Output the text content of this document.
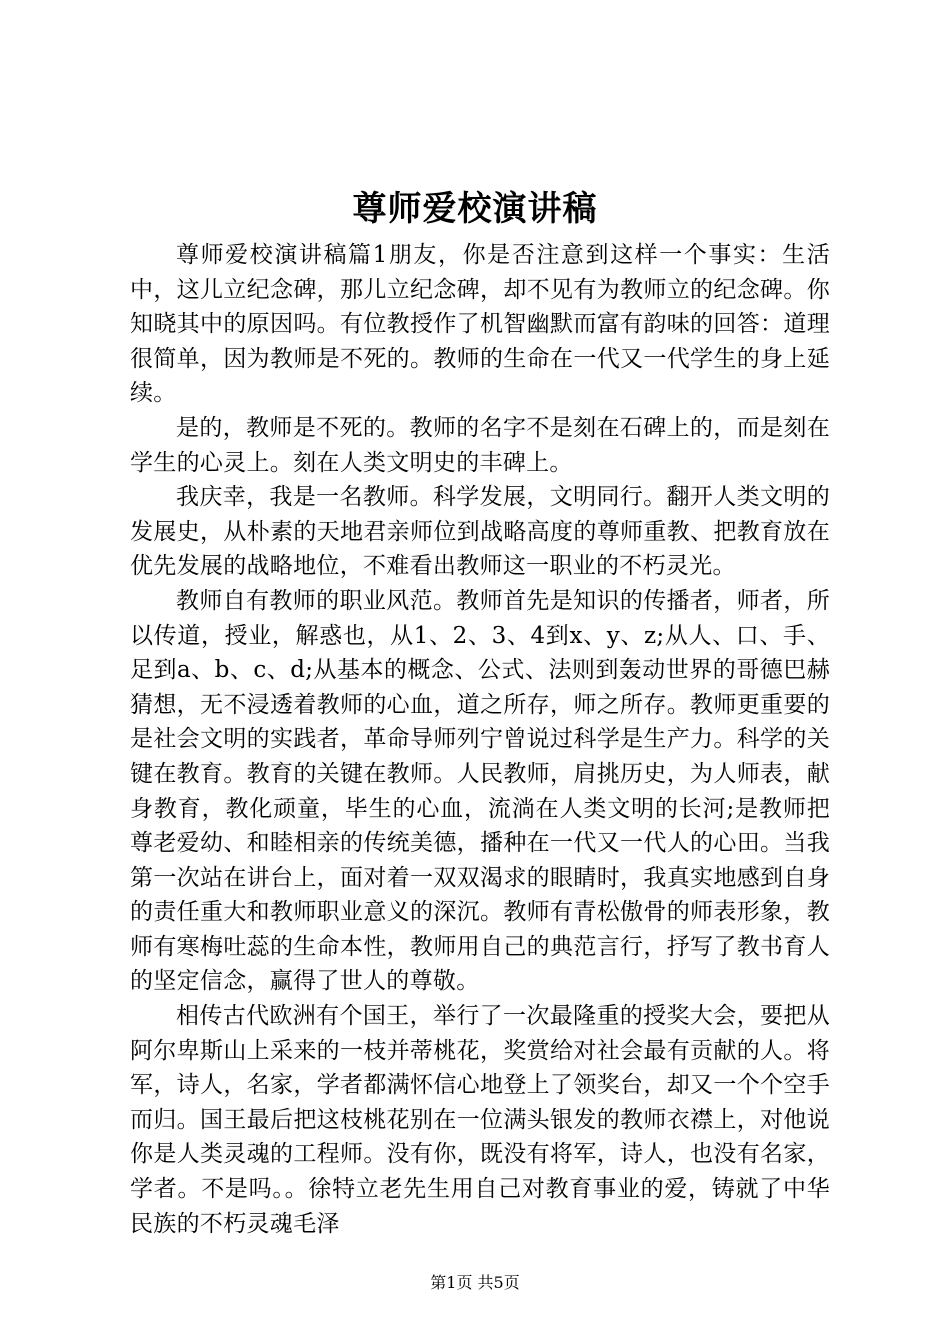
尊师爱校演讲稿

尊师爱校演讲稿篇1朋友，你是否注意到这样一个事实：生活中，这儿立纪念碑，那儿立纪念碑，却不见有为教师立的纪念碑。你知晓其中的原因吗。有位教授作了机智幽默而富有韵味的回答：道理很简单，因为教师是不死的。教师的生命在一代又一代学生的身上延续。

是的，教师是不死的。教师的名字不是刻在石碑上的，而是刻在学生的心灵上。刻在人类文明史的丰碑上。

我庆幸，我是一名教师。科学发展，文明同行。翻开人类文明的发展史，从朴素的天地君亲师位到战略高度的尊师重教、把教育放在优先发展的战略地位，不难看出教师这一职业的不朽灵光。

教师自有教师的职业风范。教师首先是知识的传播者，师者，所以传道，授业，解惑也，从1、2、3、4到x、y、z;从人、口、手、足到a、b、c、d;从基本的概念、公式、法则到轰动世界的哥德巴赫猜想，无不浸透着教师的心血，道之所存，师之所存。教师更重要的是社会文明的实践者，革命导师列宁曾说过科学是生产力。科学的关键在教育。教育的关键在教师。人民教师，肩挑历史，为人师表，献身教育，教化顽童，毕生的心血，流淌在人类文明的长河;是教师把尊老爱幼、和睦相亲的传统美德，播种在一代又一代人的心田。当我第一次站在讲台上，面对着一双双渴求的眼睛时，我真实地感到自身的责任重大和教师职业意义的深沉。教师有青松傲骨的师表形象，教师有寒梅吐蕊的生命本性，教师用自己的典范言行，抒写了教书育人的坚定信念，赢得了世人的尊敬。

相传古代欧洲有个国王，举行了一次最隆重的授奖大会，要把从阿尔卑斯山上采来的一枝并蒂桃花，奖赏给对社会最有贡献的人。将军，诗人，名家，学者都满怀信心地登上了领奖台，却又一个个空手而归。国王最后把这枝桃花别在一位满头银发的教师衣襟上，对他说你是人类灵魂的工程师。没有你，既没有将军，诗人，也没有名家，学者。不是吗。。徐特立老先生用自己对教育事业的爱，铸就了中华民族的不朽灵魂毛泽

第1页 共5页
